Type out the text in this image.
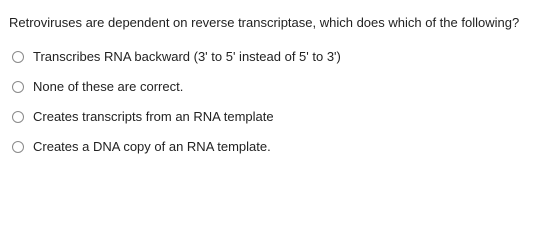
Retroviruses are dependent on reverse transcriptase, which does which of the following?
Transcribes RNA backward (3' to 5' instead of 5' to 3')
None of these are correct.
Creates transcripts from an RNA template
Creates a DNA copy of an RNA template.
